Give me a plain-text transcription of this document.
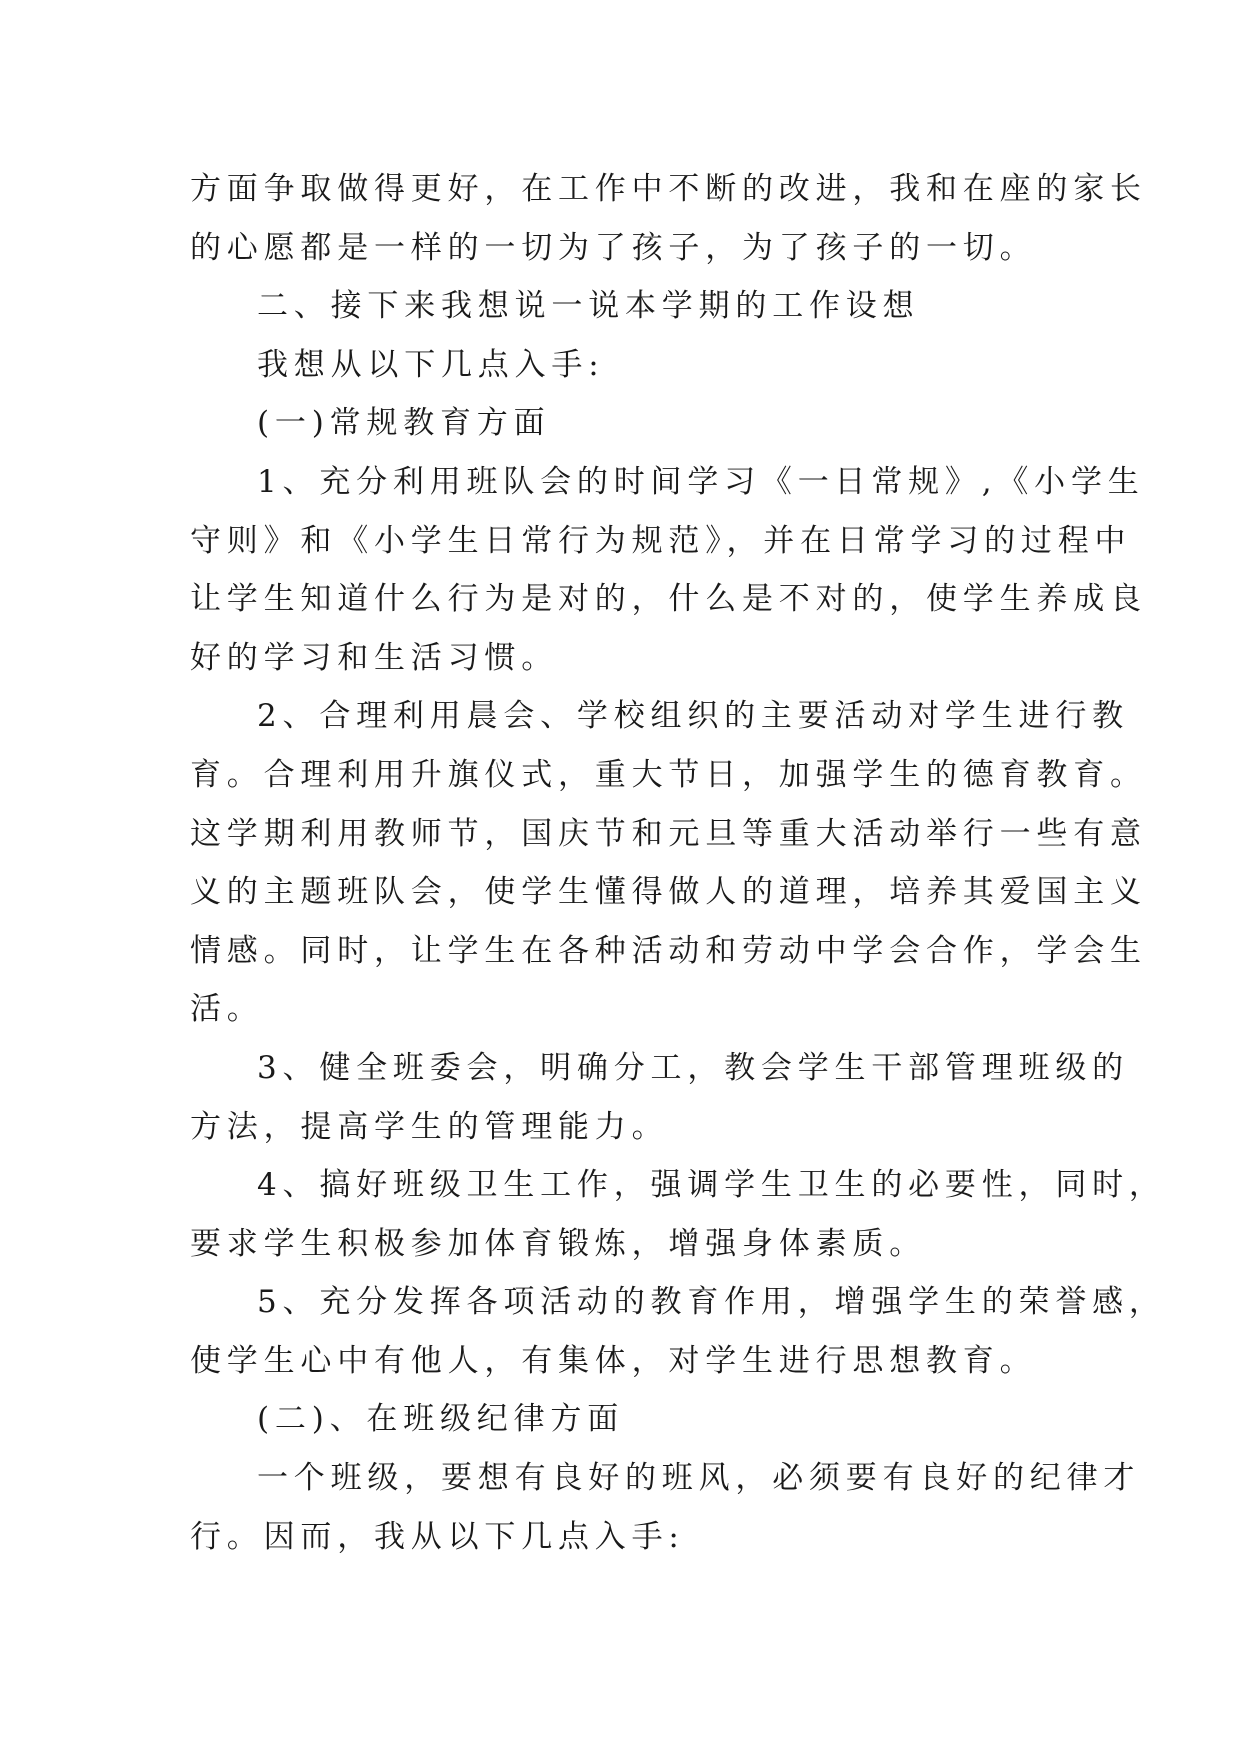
方面争取做得更好，在工作中不断的改进，我和在座的家长
的心愿都是一样的一切为了孩子，为了孩子的一切。
二、接下来我想说一说本学期的工作设想
我想从以下几点入手:
(一)常规教育方面
1、充分利用班队会的时间学习《一日常规》,《小学生
守则》和《小学生日常行为规范》，并在日常学习的过程中
让学生知道什么行为是对的，什么是不对的，使学生养成良
好的学习和生活习惯。
2、合理利用晨会、学校组织的主要活动对学生进行教
育。合理利用升旗仪式，重大节日，加强学生的德育教育。
这学期利用教师节，国庆节和元旦等重大活动举行一些有意
义的主题班队会，使学生懂得做人的道理，培养其爱国主义
情感。同时，让学生在各种活动和劳动中学会合作，学会生
活。
3、健全班委会，明确分工，教会学生干部管理班级的
方法，提高学生的管理能力。
4、搞好班级卫生工作，强调学生卫生的必要性，同时，
要求学生积极参加体育锻炼，增强身体素质。
5、充分发挥各项活动的教育作用，增强学生的荣誉感，
使学生心中有他人，有集体，对学生进行思想教育。
(二)、在班级纪律方面
一个班级，要想有良好的班风，必须要有良好的纪律才
行。因而，我从以下几点入手:
